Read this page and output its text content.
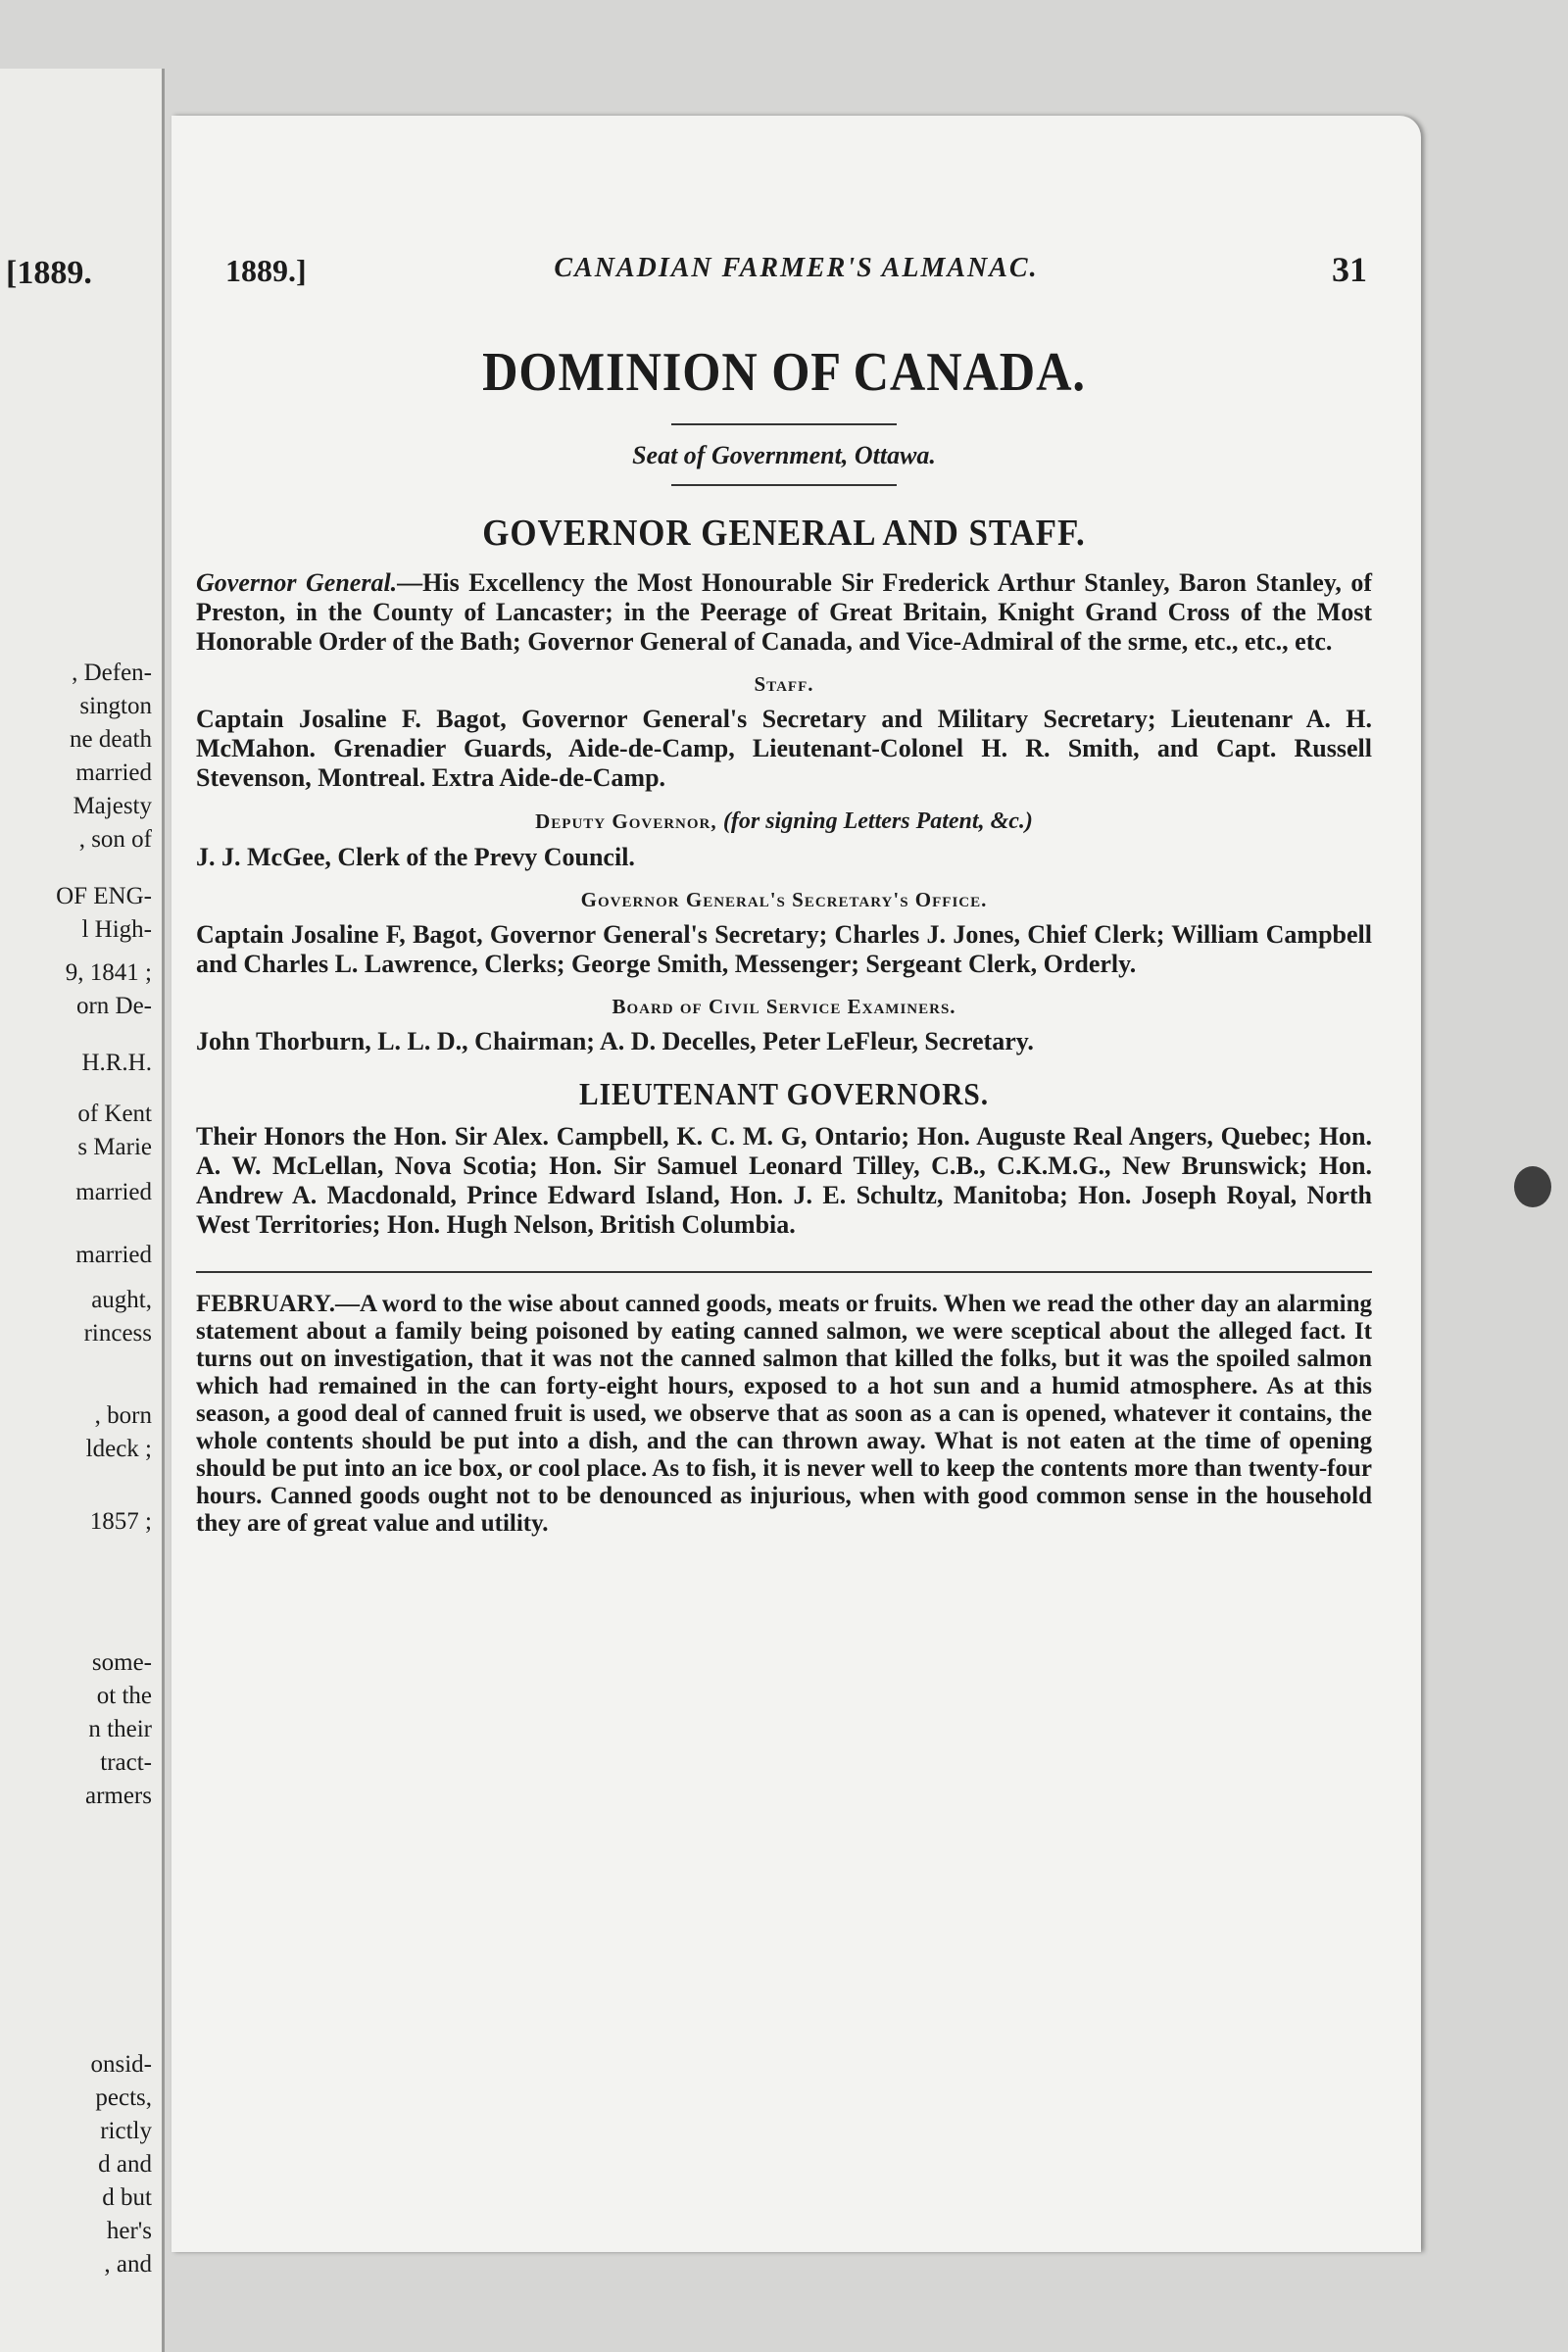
[1889.
, Defen-
sington
ne death
married
Majesty
, son of
OF ENG-
l High-
9, 1841 ;
orn De-
H.R.H.
of Kent
s Marie
married
married
aught,
rincess
, born
ldeck ;
1857 ;
some-
ot the
n their
tract-
armers
onsid-
pects,
rictly
d and
d but
her's
, and
1889.]	CANADIAN FARMER'S ALMANAC.	31
DOMINION OF CANADA.
Seat of Government, Ottawa.
GOVERNOR GENERAL AND STAFF.

Governor General.—His Excellency the Most Honourable Sir Frederick Arthur Stanley, Baron Stanley, of Preston, in the County of Lancaster; in the Peerage of Great Britain, Knight Grand Cross of the Most Honorable Order of the Bath; Governor General of Canada, and Vice-Admiral of the srme, etc., etc., etc.

Staff.

Captain Josaline F. Bagot, Governor General's Secretary and Military Secretary; Lieutenanr A. H. McMahon. Grenadier Guards, Aide-de-Camp, Lieutenant-Colonel H. R. Smith, and Capt. Russell Stevenson, Montreal. Extra Aide-de-Camp.

Deputy Governor, (for signing Letters Patent, &c.)

J. J. McGee, Clerk of the Prevy Council.

Governor General's Secretary's Office.

Captain Josaline F, Bagot, Governor General's Secretary; Charles J. Jones, Chief Clerk; William Campbell and Charles L. Lawrence, Clerks; George Smith, Messenger; Sergeant Clerk, Orderly.

Board of Civil Service Examiners.

John Thorburn, L. L. D., Chairman; A. D. Decelles, Peter LeFleur, Secretary.

LIEUTENANT GOVERNORS.

Their Honors the Hon. Sir Alex. Campbell, K. C. M. G, Ontario; Hon. Auguste Real Angers, Quebec; Hon. A. W. McLellan, Nova Scotia; Hon. Sir Samuel Leonard Tilley, C.B., C.K.M.G., New Brunswick; Hon. Andrew A. Macdonald, Prince Edward Island, Hon. J. E. Schultz, Manitoba; Hon. Joseph Royal, North West Territories; Hon. Hugh Nelson, British Columbia.

FEBRUARY.—A word to the wise about canned goods, meats or fruits. When we read the other day an alarming statement about a family being poisoned by eating canned salmon, we were sceptical about the alleged fact. It turns out on investigation, that it was not the canned salmon that killed the folks, but it was the spoiled salmon which had remained in the can forty-eight hours, exposed to a hot sun and a humid atmosphere. As at this season, a good deal of canned fruit is used, we observe that as soon as a can is opened, whatever it contains, the whole contents should be put into a dish, and the can thrown away. What is not eaten at the time of opening should be put into an ice box, or cool place. As to fish, it is never well to keep the contents more than twenty-four hours. Canned goods ought not to be denounced as injurious, when with good common sense in the household they are of great value and utility.
